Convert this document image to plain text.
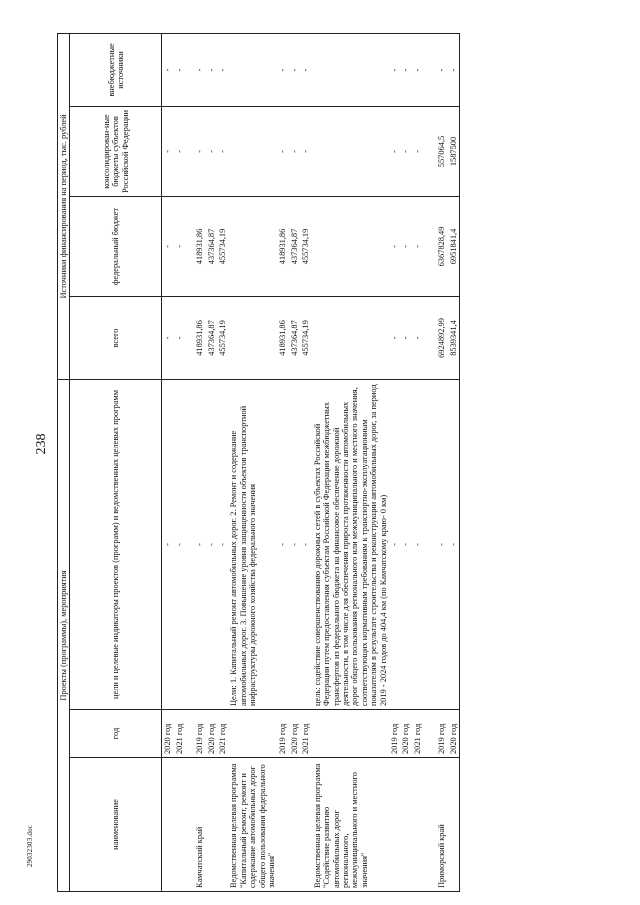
238
29032303.doc
Проекты (программы), мероприятия			Источники финансирования на период, тыс. рублей			
наименование	год	цели и целевые индикаторы проектов (программ) и ведомственных целевых программ	всего	федеральный бюджет	консолидирован-ные бюджеты субъектов Российской Федерации	внебюджетные источники
	2020 год	-	-	-	-	-
	2021 год	-	-	-	-	-
Камчатский край	2019 год	-	418931,86	418931,86	-	-
	2020 год	-	437364,87	437364,87	-	-
	2021 год	-	455734,19	455734,19	-	-
Ведомственная целевая программа "Капитальный ремонт, ремонт и содержание автомобильных дорог общего пользования федерального значения"		Цели: 1. Капитальный ремонт автомобильных дорог. 2. Ремонт и содержание автомобильных дорог. 3. Повышение уровня защищенности объектов транспортной инфраструктуры дорожного хозяйства федерального значения				
	2019 год	-	418931,86	418931,86	-	-
	2020 год	-	437364,87	437364,87	-	-
	2021 год	-	455734,19	455734,19	-	-
Ведомственная целевая программа "Содействие развитию автомобильных дорог регионального, межмуниципального и местного значения"		цель: содействие совершенствованию дорожных сетей в субъектах Российской Федерации путем предоставления субъектам Российской Федерации межбюджетных трансфертов из федерального бюджета на финансовое обеспечение дорожной деятельности, в том числе для обеспечения прироста протяженности автомобильных дорог общего пользования регионального или межмуниципального и местного значения, соответствующих нормативным требованиям к транспортно-эксплуатационным показателям в результате строительства и реконструкции автомобильных дорог, за период 2019 - 2024 годов до 404,4 км (по Камчатскому краю- 0 км)				
	2019 год	-	-	-	-	-
	2020 год	-	-	-	-	-
	2021 год	-	-	-	-	-
Приморский край	2019 год	-	6924892,99	6367828,49	557064,5	-
	2020 год	-	8539341,4	6951841,4	1587500	-
